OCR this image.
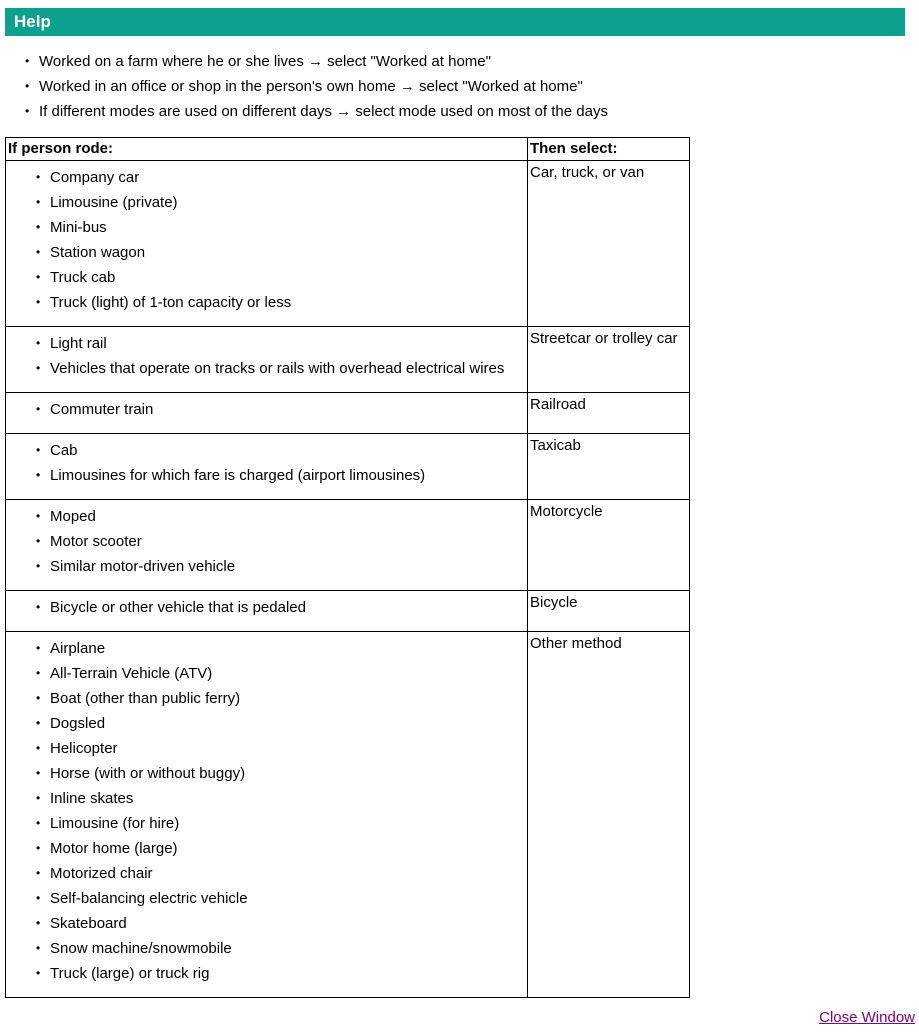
Help
• Worked on a farm where he or she lives → select "Worked at home"
• Worked in an office or shop in the person's own home → select "Worked at home"
• If different modes are used on different days → select mode used on most of the days
If person rode:	Then select:

• Company car
• Limousine (private)
• Mini-bus
• Station wagon
• Truck cab
• Truck (light) of 1-ton capacity or less
	Car, truck, or van

• Light rail
• Vehicles that operate on tracks or rails with overhead electrical wires
	Streetcar or trolley car

• Commuter train	Railroad

• Cab
• Limousines for which fare is charged (airport limousines)
	Taxicab

• Moped
• Motor scooter
• Similar motor-driven vehicle
	Motorcycle

• Bicycle or other vehicle that is pedaled	Bicycle

• Airplane
• All-Terrain Vehicle (ATV)
• Boat (other than public ferry)
• Dogsled
• Helicopter
• Horse (with or without buggy)
• Inline skates
• Limousine (for hire)
• Motor home (large)
• Motorized chair
• Self-balancing electric vehicle
• Skateboard
• Snow machine/snowmobile
• Truck (large) or truck rig
	Other method
Close Window
